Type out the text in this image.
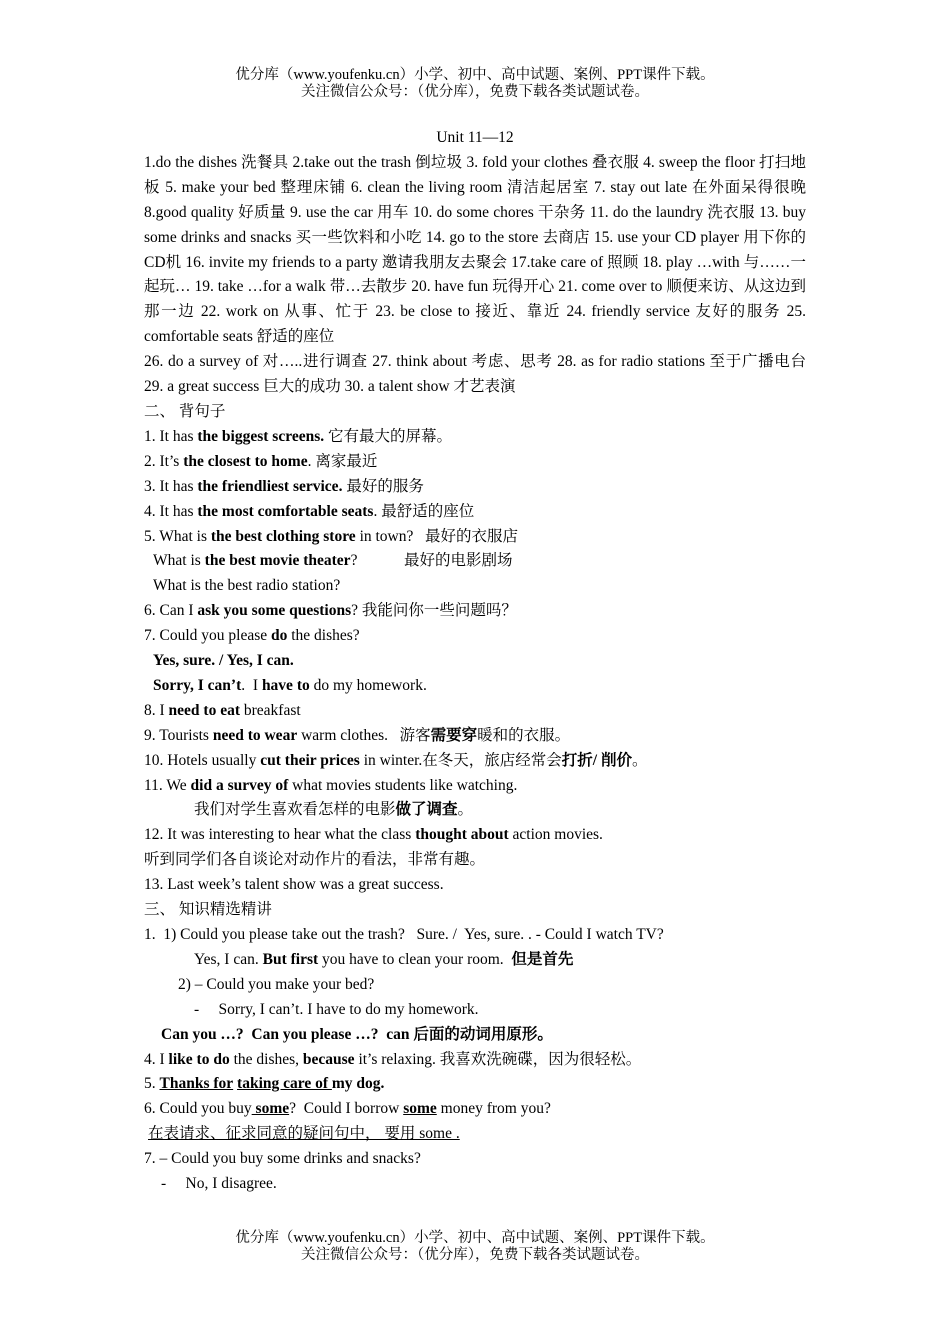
优分库（www.youfenku.cn）小学、初中、高中试题、案例、PPT课件下载。
关注微信公众号：（优分库），免费下载各类试题试卷。
Unit 11—12
1.do the dishes 洗餐具 2.take out the trash 倒垃圾 3. fold your clothes 叠衣服 4. sweep the floor 打扫地板 5. make your bed 整理床铺 6. clean the living room 清洁起居室 7. stay out late 在外面呆得很晚 8.good quality 好质量 9. use the car 用车 10. do some chores 干杂务 11. do the laundry 洗衣服 13. buy some drinks and snacks 买一些饮料和小吃 14. go to the store 去商店 15. use your CD player 用下你的CD机 16. invite my friends to a party 邀请我朋友去聚会 17.take care of 照顾 18. play …with 与……一起玩… 19. take …for a walk 带…去散步 20. have fun 玩得开心 21. come over to 顺便来访、从这边到那一边 22. work on 从事、忙于 23. be close to 接近、靠近 24. friendly service 友好的服务 25. comfortable seats 舒适的座位
26. do a survey of 对…..进行调查 27. think about 考虑、思考 28. as for radio stations 至于广播电台 29. a great success 巨大的成功 30. a talent show 才艺表演
二、 背句子
1. It has the biggest screens. 它有最大的屏幕。
2. It’s the closest to home. 离家最近
3. It has the friendliest service. 最好的服务
4. It has the most comfortable seats. 最舒适的座位
5. What is the best clothing store in town?   最好的衣服店
What is the best movie theater?            最好的电影剧场
What is the best radio station?
6. Can I ask you some questions? 我能问你一些问题吗？
7. Could you please do the dishes?
Yes, sure. / Yes, I can.
Sorry, I can’t.  I have to do my homework.
8. I need to eat breakfast
9. Tourists need to wear warm clothes.   游客需要穿暖和的衣服。
10. Hotels usually cut their prices in winter.在冬天，旅店经常会打折/ 削价。
11. We did a survey of what movies students like watching.
我们对学生喜欢看怎样的电影做了调查。
12. It was interesting to hear what the class thought about action movies.
听到同学们各自谈论对动作片的看法，非常有趣。
13. Last week’s talent show was a great success.
三、 知识精选精讲
1.  1) Could you please take out the trash?   Sure. /  Yes, sure. . - Could I watch TV?
Yes, I can. But first you have to clean your room.  但是首先
2) – Could you make your bed?
-     Sorry, I can’t. I have to do my homework.
Can you …?  Can you please …?  can 后面的动词用原形。
4. I like to do the dishes, because it’s relaxing. 我喜欢洗碗碟，因为很轻松。
5. Thanks for taking care of my dog.
6. Could you buy some?  Could I borrow some money from you?
在表请求、征求同意的疑问句中， 要用 some .
7. – Could you buy some drinks and snacks?
-     No, I disagree.
优分库（www.youfenku.cn）小学、初中、高中试题、案例、PPT课件下载。
关注微信公众号：（优分库），免费下载各类试题试卷。
